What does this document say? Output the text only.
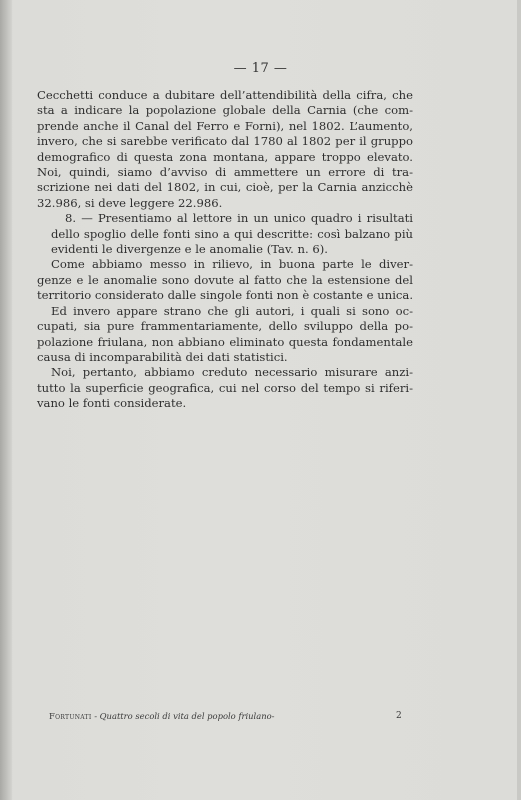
— 17 —

Cecchetti conduce a dubitare dell’attendibilità della cifra, che
sta a indicare la popolazione globale della Carnia (che com-
prende anche il Canal del Ferro e Forni), nel 1802. L’aumento,
invero, che si sarebbe verificato dal 1780 al 1802 per il gruppo
demografico di questa zona montana, appare troppo elevato.
Noi, quindi, siamo d’avviso di ammettere un errore di tra-
scrizione nei dati del 1802, in cui, cioè, per la Carnia anzicchè
32.986, si deve leggere 22.986.

8. — Presentiamo al lettore in un unico quadro i risultati
dello spoglio delle fonti sino a qui descritte: così balzano più
evidenti le divergenze e le anomalie (Tav. n. 6).

Come abbiamo messo in rilievo, in buona parte le diver-
genze e le anomalie sono dovute al fatto che la estensione del
territorio considerato dalle singole fonti non è costante e unica.

Ed invero appare strano che gli autori, i quali si sono oc-
cupati, sia pure frammentariamente, dello sviluppo della po-
polazione friulana, non abbiano eliminato questa fondamentale
causa di incomparabilità dei dati statistici.

Noi, pertanto, abbiamo creduto necessario misurare anzi-
tutto la superficie geografica, cui nel corso del tempo si riferi-
vano le fonti considerate.

Fortunati - Quattro secoli di vita del popolo friulano-	2
